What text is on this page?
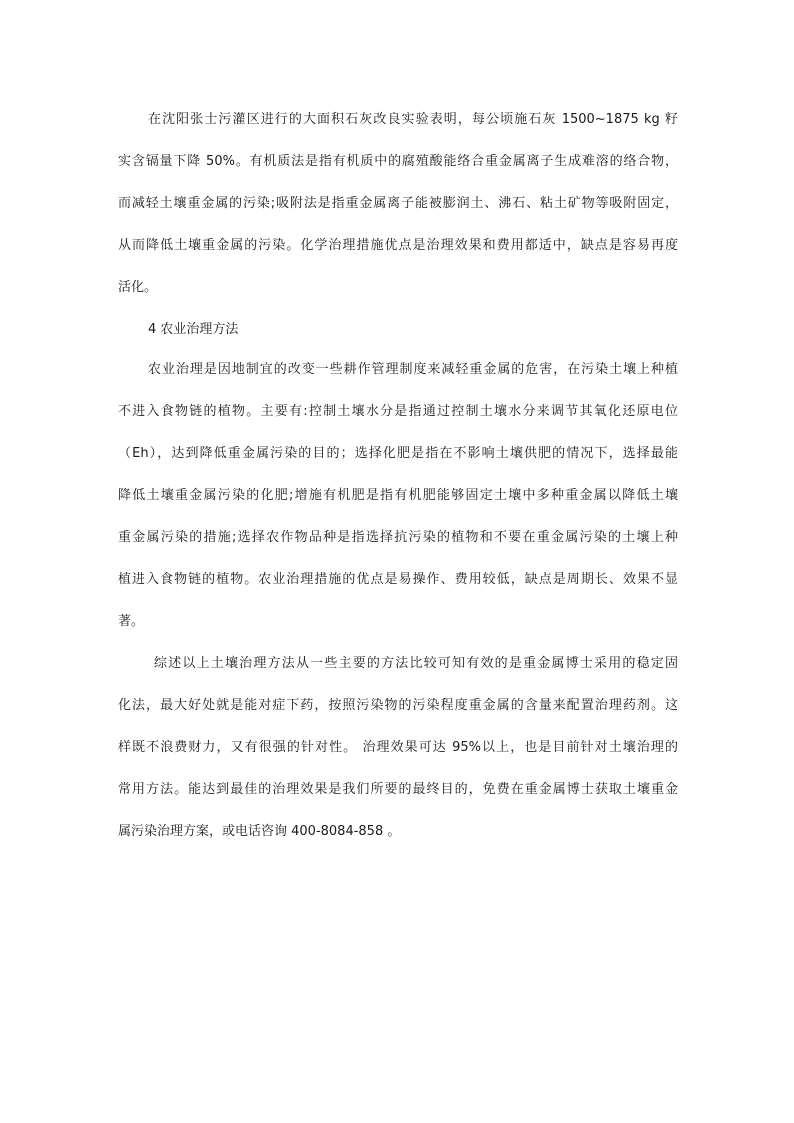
在沈阳张士污灌区进行的大面积石灰改良实验表明，每公顷施石灰 1500~1875 kg 籽
实含镉量下降 50%。有机质法是指有机质中的腐殖酸能络合重金属离子生成难溶的络合物，
而减轻土壤重金属的污染;吸附法是指重金属离子能被膨润土、沸石、粘土矿物等吸附固定，
从而降低土壤重金属的污染。化学治理措施优点是治理效果和费用都适中，缺点是容易再度
活化。
4 农业治理方法
农业治理是因地制宜的改变一些耕作管理制度来减轻重金属的危害，在污染土壤上种植
不进入食物链的植物。主要有:控制土壤水分是指通过控制土壤水分来调节其氧化还原电位
（Eh），达到降低重金属污染的目的；选择化肥是指在不影响土壤供肥的情况下，选择最能
降低土壤重金属污染的化肥;增施有机肥是指有机肥能够固定土壤中多种重金属以降低土壤
重金属污染的措施;选择农作物品种是指选择抗污染的植物和不要在重金属污染的土壤上种
植进入食物链的植物。农业治理措施的优点是易操作、费用较低，缺点是周期长、效果不显
著。
综述以上土壤治理方法从一些主要的方法比较可知有效的是重金属博士采用的稳定固
化法，最大好处就是能对症下药，按照污染物的污染程度重金属的含量来配置治理药剂。这
样既不浪费财力，又有很强的针对性。 治理效果可达 95%以上，也是目前针对土壤治理的
常用方法。能达到最佳的治理效果是我们所要的最终目的，免费在重金属博士获取土壤重金
属污染治理方案，或电话咨询 400-8084-858 。
